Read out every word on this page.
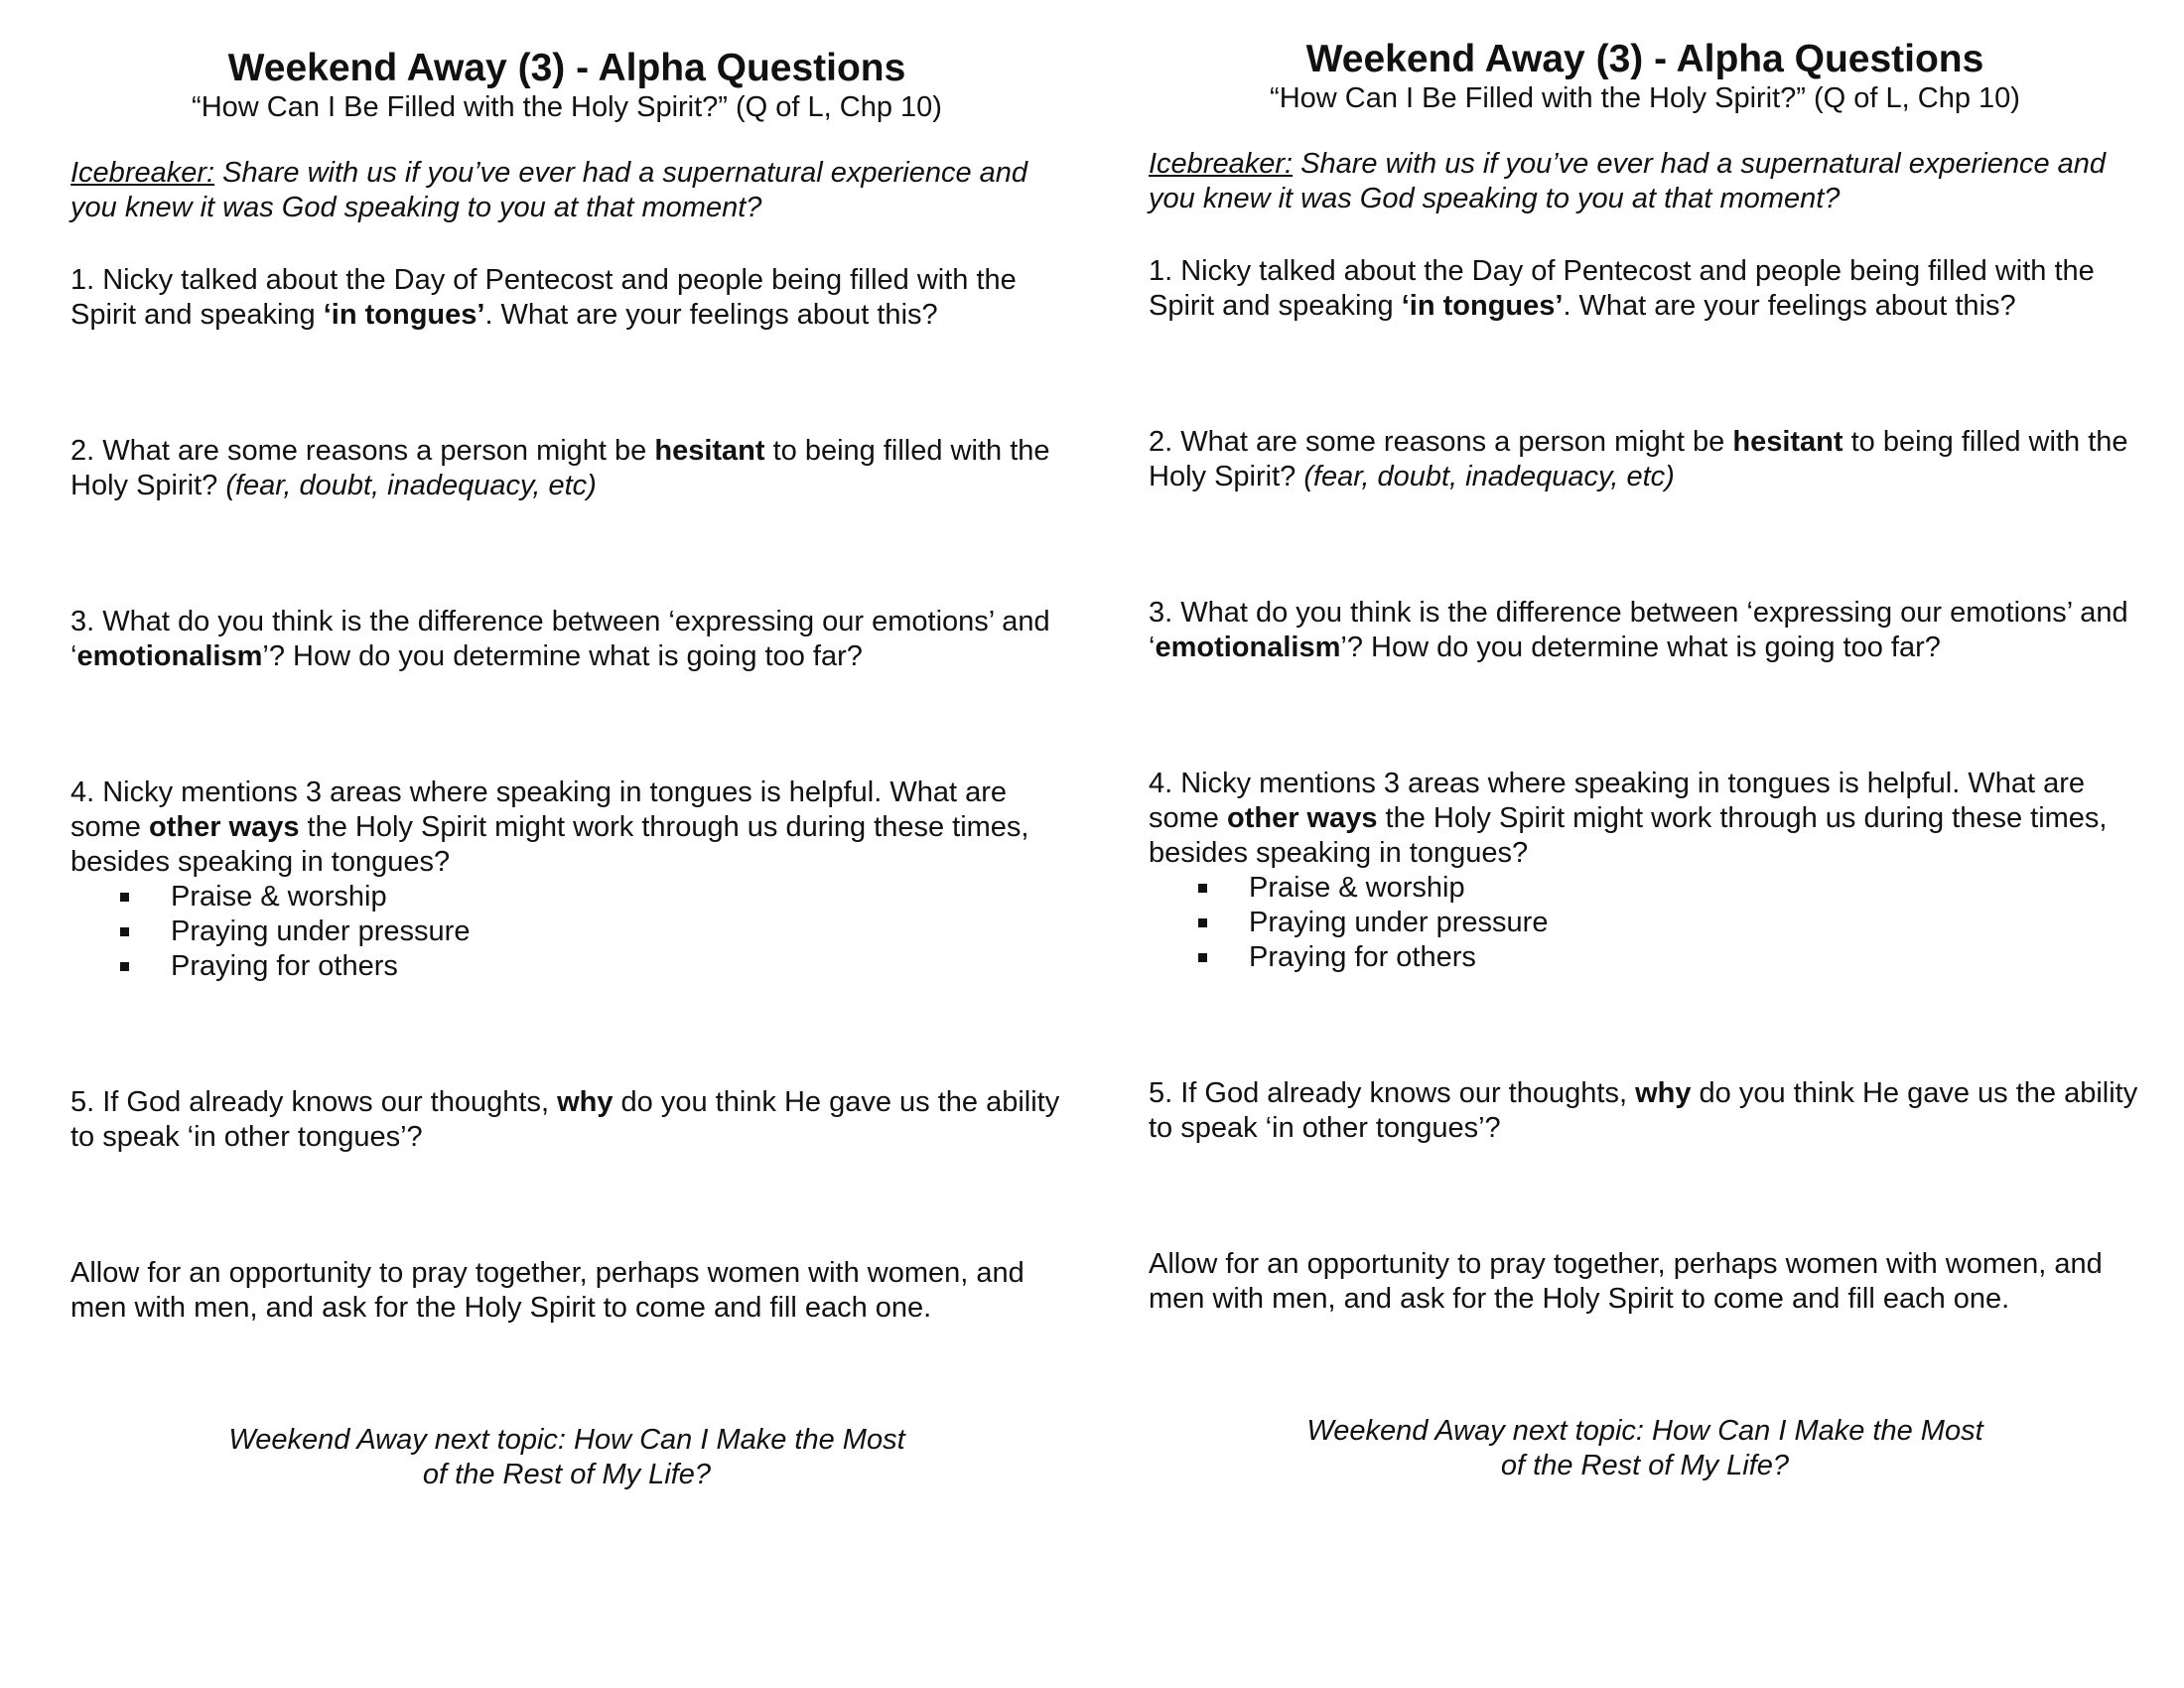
Weekend Away (3) - Alpha Questions

“How Can I Be Filled with the Holy Spirit?” (Q of L, Chp 10)

Icebreaker: Share with us if you’ve ever had a supernatural experience and you knew it was God speaking to you at that moment?

1. Nicky talked about the Day of Pentecost and people being filled with the Spirit and speaking ‘in tongues’. What are your feelings about this?

2. What are some reasons a person might be hesitant to being filled with the Holy Spirit? (fear, doubt, inadequacy, etc)

3. What do you think is the difference between ‘expressing our emotions’ and ‘emotionalism’? How do you determine what is going too far?

4. Nicky mentions 3 areas where speaking in tongues is helpful. What are some other ways the Holy Spirit might work through us during these times, besides speaking in tongues?

Praise & worship
Praying under pressure
Praying for others

5. If God already knows our thoughts, why do you think He gave us the ability to speak ‘in other tongues’?

Allow for an opportunity to pray together, perhaps women with women, and men with men, and ask for the Holy Spirit to come and fill each one.

Weekend Away next topic: How Can I Make the Most
of the Rest of My Life?

Weekend Away (3) - Alpha Questions

“How Can I Be Filled with the Holy Spirit?” (Q of L, Chp 10)

Icebreaker: Share with us if you’ve ever had a supernatural experience and you knew it was God speaking to you at that moment?

1. Nicky talked about the Day of Pentecost and people being filled with the Spirit and speaking ‘in tongues’. What are your feelings about this?

2. What are some reasons a person might be hesitant to being filled with the Holy Spirit? (fear, doubt, inadequacy, etc)

3. What do you think is the difference between ‘expressing our emotions’ and ‘emotionalism’? How do you determine what is going too far?

4. Nicky mentions 3 areas where speaking in tongues is helpful. What are some other ways the Holy Spirit might work through us during these times, besides speaking in tongues?

Praise & worship
Praying under pressure
Praying for others

5. If God already knows our thoughts, why do you think He gave us the ability to speak ‘in other tongues’?

Allow for an opportunity to pray together, perhaps women with women, and men with men, and ask for the Holy Spirit to come and fill each one.

Weekend Away next topic: How Can I Make the Most
of the Rest of My Life?
